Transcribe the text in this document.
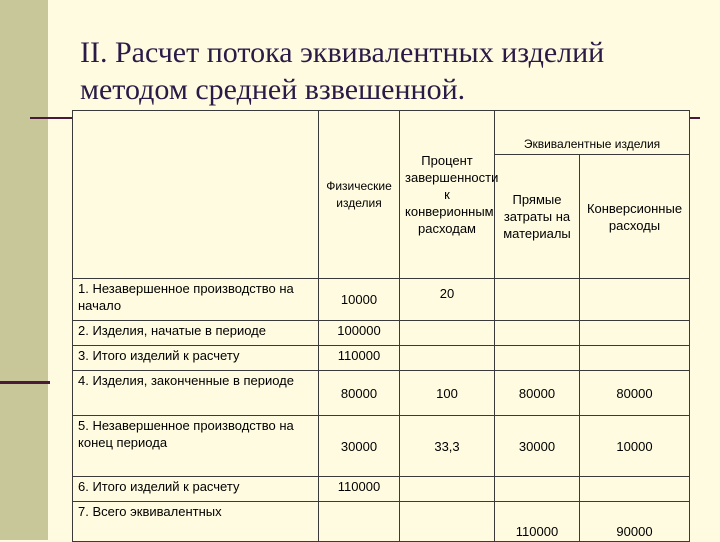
II. Расчет потока эквивалентных изделий
методом средней взвешенной.
	Физические изделия	Процент завершенности к конверионным расходам	Эквивалентные изделия	
			Прямые затраты на материалы	Конверсионные расходы
1. Незавершенное производство на начало	10000	20		
2. Изделия, начатые в периоде	100000			
3. Итого изделий к расчету	110000			
4. Изделия, законченные в периоде	80000	100	80000	80000
5. Незавершенное производство на конец периода	30000	33,3	30000	10000
6. Итого изделий к расчету	110000			
7. Всего эквивалентных			110000	90000
